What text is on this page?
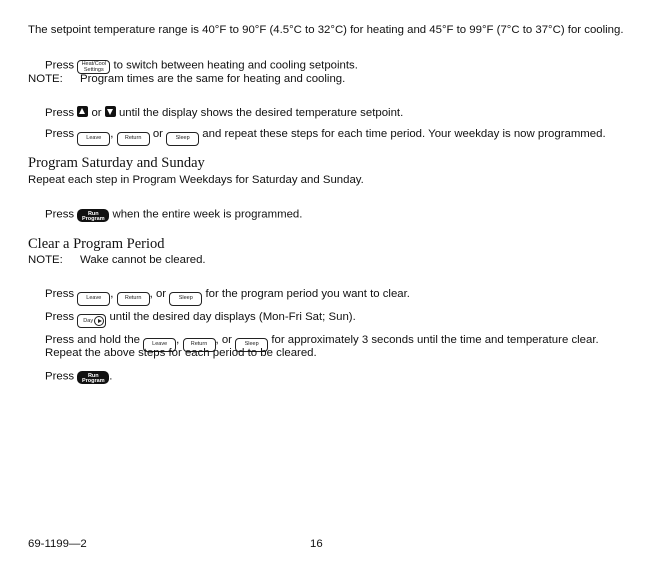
The setpoint temperature range is 40°F to 90°F (4.5°C to 32°C) for heating and 45°F to 99°F (7°C to 37°C) for cooling.
Press Heat/Cool
Settings to switch between heating and cooling setpoints.
NOTE: Program times are the same for heating and cooling.
Press or until the display shows the desired temperature setpoint.
Press Leave , Return or Sleep and repeat these steps for each time period. Your weekday is now programmed.
Program Saturday and Sunday
Repeat each step in Program Weekdays for Saturday and Sunday.
Press	Run
Program when the entire week is programmed.
Clear a Program Period
NOTE: Wake cannot be cleared.
Press Leave , Return , or Sleep for the program period you want to clear.
Press Day until the desired day displays (Mon-Fri Sat; Sun).
Press and hold the Leave , Return , or Sleep for approximately 3 seconds until the time and temperature clear.
Repeat the above steps for each period to be cleared.
Press	Run
Program .
69-1199—2	16
